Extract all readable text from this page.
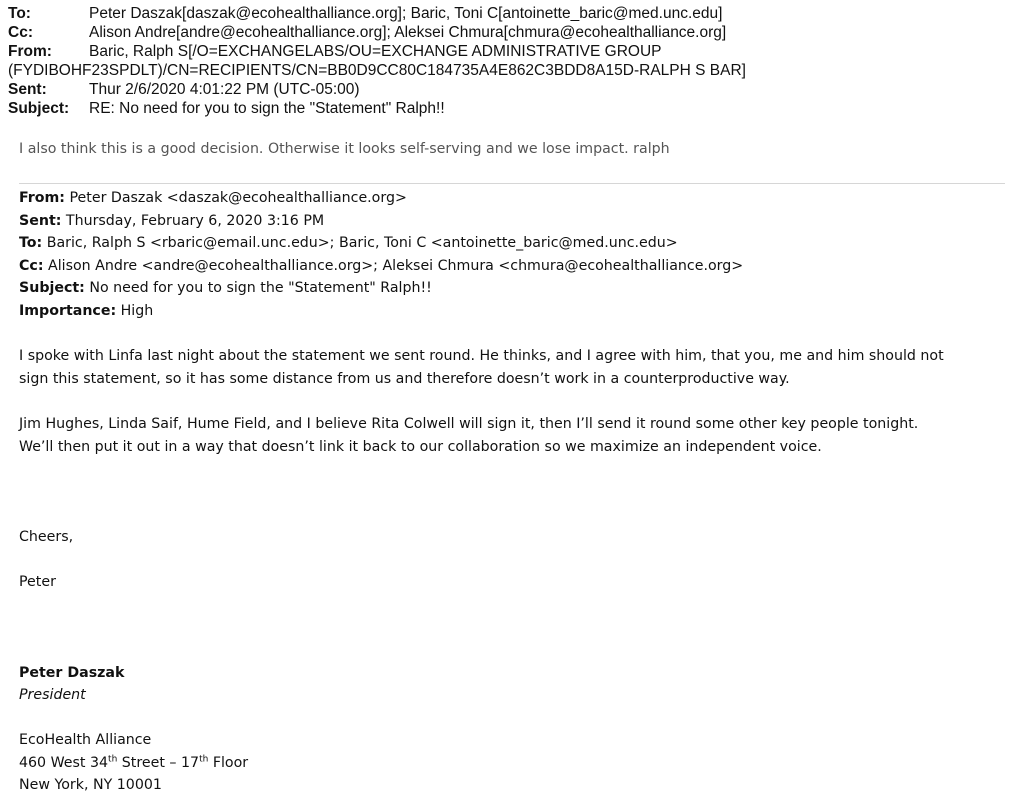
To:	Peter Daszak[daszak@ecohealthalliance.org]; Baric, Toni C[antoinette_baric@med.unc.edu]
Cc:	Alison Andre[andre@ecohealthalliance.org]; Aleksei Chmura[chmura@ecohealthalliance.org]
From:	Baric, Ralph S[/O=EXCHANGELABS/OU=EXCHANGE ADMINISTRATIVE GROUP
(FYDIBOHF23SPDLT)/CN=RECIPIENTS/CN=BB0D9CC80C184735A4E862C3BDD8A15D-RALPH S BAR]
Sent:	Thur 2/6/2020 4:01:22 PM (UTC-05:00)
Subject:	RE: No need for you to sign the "Statement" Ralph!!
I also think this is a good decision. Otherwise it looks self-serving and we lose impact. ralph
From: Peter Daszak <daszak@ecohealthalliance.org>
Sent: Thursday, February 6, 2020 3:16 PM
To: Baric, Ralph S <rbaric@email.unc.edu>; Baric, Toni C <antoinette_baric@med.unc.edu>
Cc: Alison Andre <andre@ecohealthalliance.org>; Aleksei Chmura <chmura@ecohealthalliance.org>
Subject: No need for you to sign the "Statement" Ralph!!
Importance: High

I spoke with Linfa last night about the statement we sent round. He thinks, and I agree with him, that you, me and him should not

sign this statement, so it has some distance from us and therefore doesn’t work in a counterproductive way.

Jim Hughes, Linda Saif, Hume Field, and I believe Rita Colwell will sign it, then I’ll send it round some other key people tonight.

We’ll then put it out in a way that doesn’t link it back to our collaboration so we maximize an independent voice.

Cheers,

Peter

Peter Daszak

President

EcoHealth Alliance

460 West 34th Street – 17th Floor

New York, NY 10001
